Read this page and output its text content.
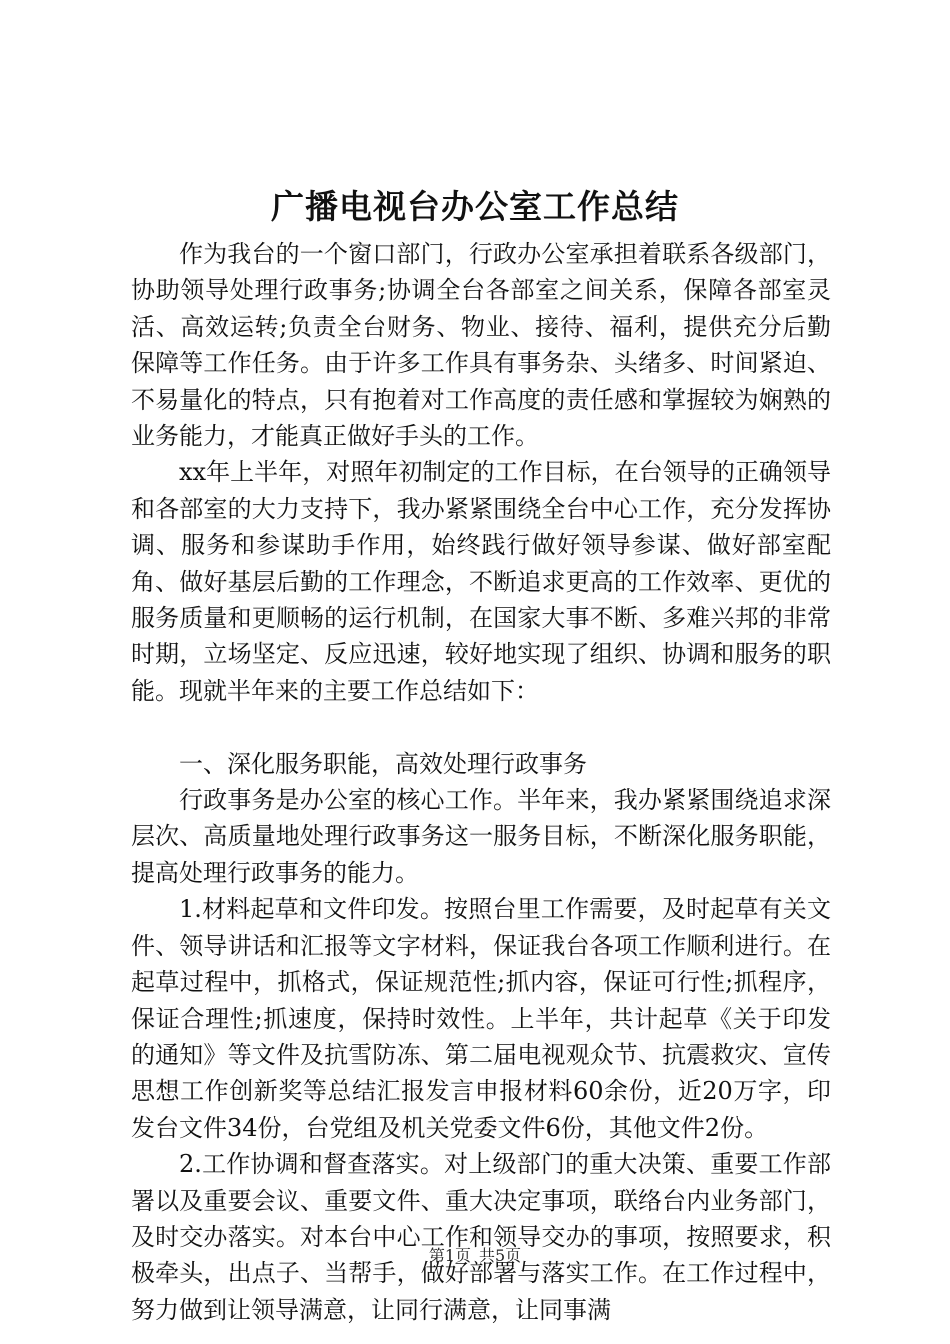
广播电视台办公室工作总结

作为我台的一个窗口部门，行政办公室承担着联系各级部门，协助领导处理行政事务;协调全台各部室之间关系，保障各部室灵活、高效运转;负责全台财务、物业、接待、福利，提供充分后勤保障等工作任务。由于许多工作具有事务杂、头绪多、时间紧迫、不易量化的特点，只有抱着对工作高度的责任感和掌握较为娴熟的业务能力，才能真正做好手头的工作。

xx年上半年，对照年初制定的工作目标，在台领导的正确领导和各部室的大力支持下，我办紧紧围绕全台中心工作，充分发挥协调、服务和参谋助手作用，始终践行做好领导参谋、做好部室配角、做好基层后勤的工作理念，不断追求更高的工作效率、更优的服务质量和更顺畅的运行机制，在国家大事不断、多难兴邦的非常时期，立场坚定、反应迅速，较好地实现了组织、协调和服务的职能。现就半年来的主要工作总结如下：

一、深化服务职能，高效处理行政事务

行政事务是办公室的核心工作。半年来，我办紧紧围绕追求深层次、高质量地处理行政事务这一服务目标，不断深化服务职能，提高处理行政事务的能力。

1.材料起草和文件印发。按照台里工作需要，及时起草有关文件、领导讲话和汇报等文字材料，保证我台各项工作顺利进行。在起草过程中，抓格式，保证规范性;抓内容，保证可行性;抓程序，保证合理性;抓速度，保持时效性。上半年，共计起草《关于印发的通知》等文件及抗雪防冻、第二届电视观众节、抗震救灾、宣传思想工作创新奖等总结汇报发言申报材料60余份，近20万字，印发台文件34份，台党组及机关党委文件6份，其他文件2份。

2.工作协调和督查落实。对上级部门的重大决策、重要工作部署以及重要会议、重要文件、重大决定事项，联络台内业务部门，及时交办落实。对本台中心工作和领导交办的事项，按照要求，积极牵头，出点子、当帮手，做好部署与落实工作。在工作过程中，努力做到让领导满意，让同行满意，让同事满

第1页 共5页
